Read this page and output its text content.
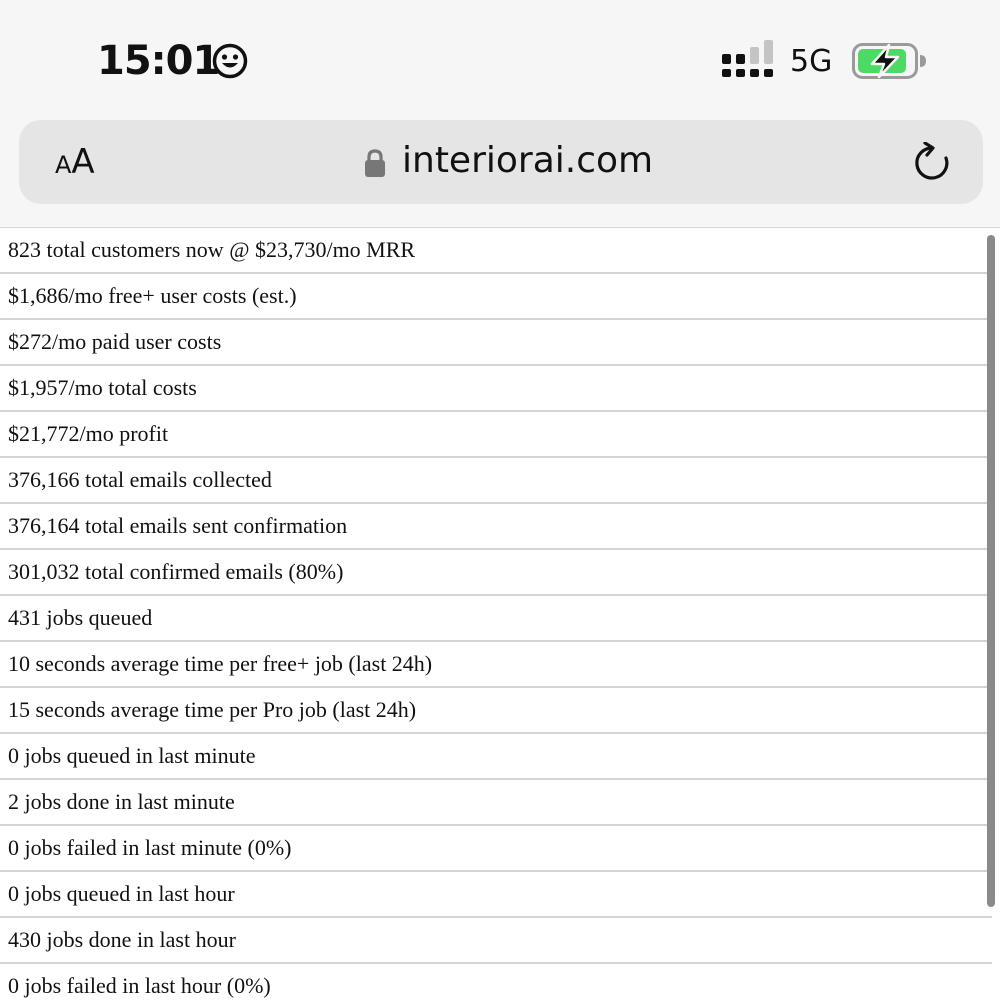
15:01	5G
AA	interiorai.com
823 total customers now @ $23,730/mo MRR
$1,686/mo free+ user costs (est.)
$272/mo paid user costs
$1,957/mo total costs
$21,772/mo profit
376,166 total emails collected
376,164 total emails sent confirmation
301,032 total confirmed emails (80%)
431 jobs queued
10 seconds average time per free+ job (last 24h)
15 seconds average time per Pro job (last 24h)
0 jobs queued in last minute
2 jobs done in last minute
0 jobs failed in last minute (0%)
0 jobs queued in last hour
430 jobs done in last hour
0 jobs failed in last hour (0%)
